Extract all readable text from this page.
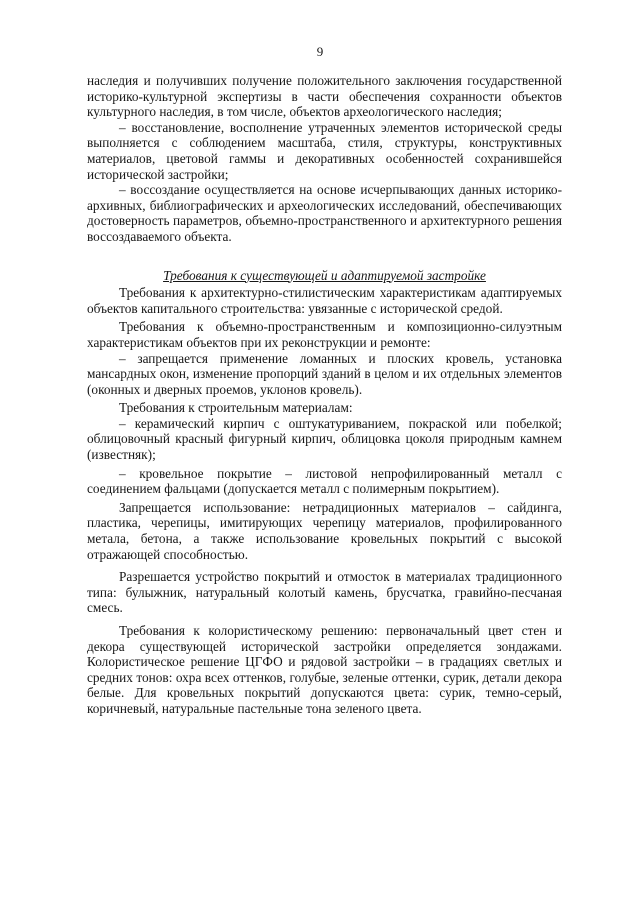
9

наследия и получивших получение положительного заключения государственной историко-культурной экспертизы в части обеспечения сохранности объектов культурного наследия, в том числе, объектов археологического наследия;

– восстановление, восполнение утраченных элементов исторической среды выполняется с соблюдением масштаба, стиля, структуры, конструктивных материалов, цветовой гаммы и декоративных особенностей сохранившейся исторической застройки;

– воссоздание осуществляется на основе исчерпывающих данных историко-архивных, библиографических и археологических исследований, обеспечивающих достоверность параметров, объемно-пространственного и архитектурного решения воссоздаваемого объекта.

Требования к существующей и адаптируемой застройке

Требования к архитектурно-стилистическим характеристикам адаптируемых объектов капитального строительства: увязанные с исторической средой.

Требования к объемно-пространственным и композиционно-силуэтным характеристикам объектов при их реконструкции и ремонте:

– запрещается применение ломанных и плоских кровель, установка мансардных окон, изменение пропорций зданий в целом и их отдельных элементов (оконных и дверных проемов, уклонов кровель).

Требования к строительным материалам:

– керамический кирпич с оштукатуриванием, покраской или побелкой; облицовочный красный фигурный кирпич, облицовка цоколя природным камнем (известняк);

– кровельное покрытие – листовой непрофилированный металл с соединением фальцами (допускается металл с полимерным покрытием).

Запрещается использование: нетрадиционных материалов – сайдинга, пластика, черепицы, имитирующих черепицу материалов, профилированного метала, бетона, а также использование кровельных покрытий с высокой отражающей способностью.

Разрешается устройство покрытий и отмосток в материалах традиционного типа: булыжник, натуральный колотый камень, брусчатка, гравийно-песчаная смесь.

Требования к колористическому решению: первоначальный цвет стен и декора существующей исторической застройки определяется зондажами. Колористическое решение ЦГФО и рядовой застройки – в градациях светлых и средних тонов: охра всех оттенков, голубые, зеленые оттенки, сурик, детали декора белые. Для кровельных покрытий допускаются цвета: сурик, темно-серый, коричневый, натуральные пастельные тона зеленого цвета.
